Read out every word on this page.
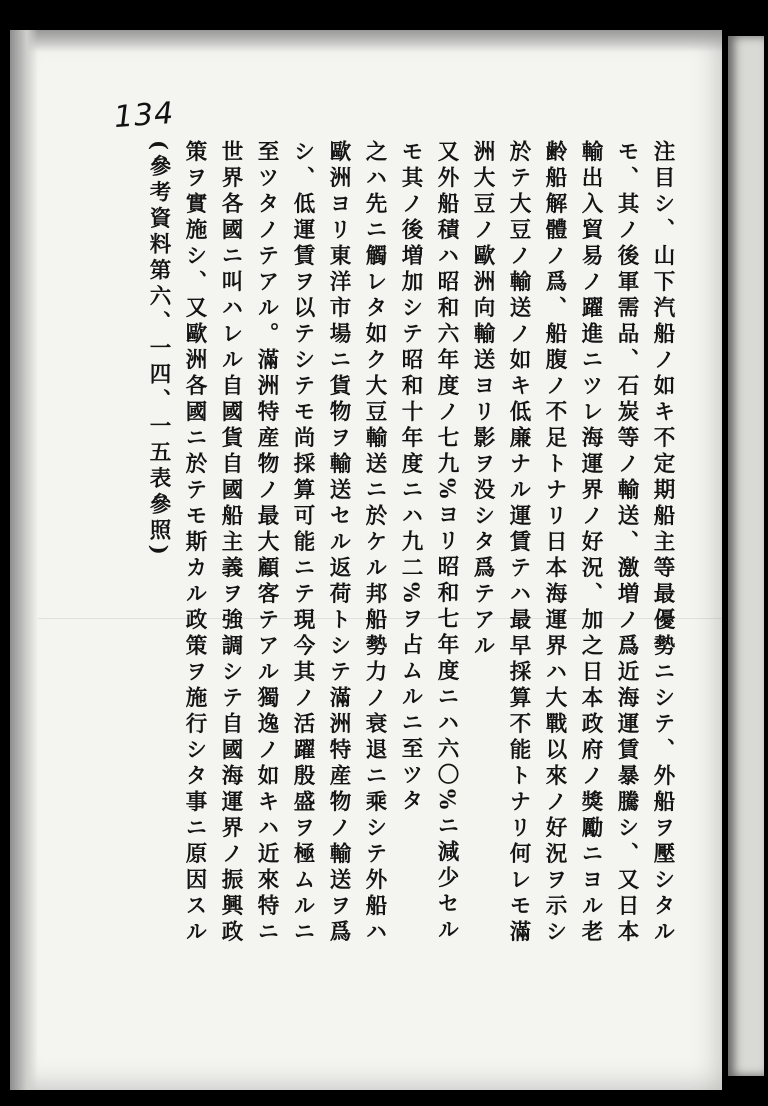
134
注目シ、山下汽船ノ如キ不定期船主等最優勢ニシテ、外船ヲ壓シタル
モ、其ノ後軍需品、石炭等ノ輸送、激増ノ爲近海運賃暴騰シ、又日本
輸出入貿易ノ躍進ニツレ海運界ノ好況、加之日本政府ノ獎勵ニヨル老
齢船解體ノ爲、船腹ノ不足トナリ日本海運界ハ大戰以來ノ好況ヲ示シ
於テ大豆ノ輸送ノ如キ低廉ナル運賃テハ最早採算不能トナリ何レモ滿
洲大豆ノ歐洲向輸送ヨリ影ヲ没シタ爲テアル
又外船積ハ昭和六年度ノ七九%ヨリ昭和七年度ニハ六〇%ニ減少セル
モ其ノ後増加シテ昭和十年度ニハ九二%ヲ占ムルニ至ツタ
之ハ先ニ觸レタ如ク大豆輸送ニ於ケル邦船勢力ノ衰退ニ乘シテ外船ハ
歐洲ヨリ東洋市場ニ貨物ヲ輸送セル返荷トシテ滿洲特産物ノ輸送ヲ爲
シ、低運賃ヲ以テシテモ尚採算可能ニテ現今其ノ活躍殷盛ヲ極ムルニ
至ツタノテアル。滿洲特産物ノ最大顧客テアル獨逸ノ如キハ近來特ニ
世界各國ニ叫ハレル自國貨自國船主義ヲ強調シテ自國海運界ノ振興政
策ヲ實施シ、又歐洲各國ニ於テモ斯カル政策ヲ施行シタ事ニ原因スル
(參考資料第六、一四、一五表參照)
